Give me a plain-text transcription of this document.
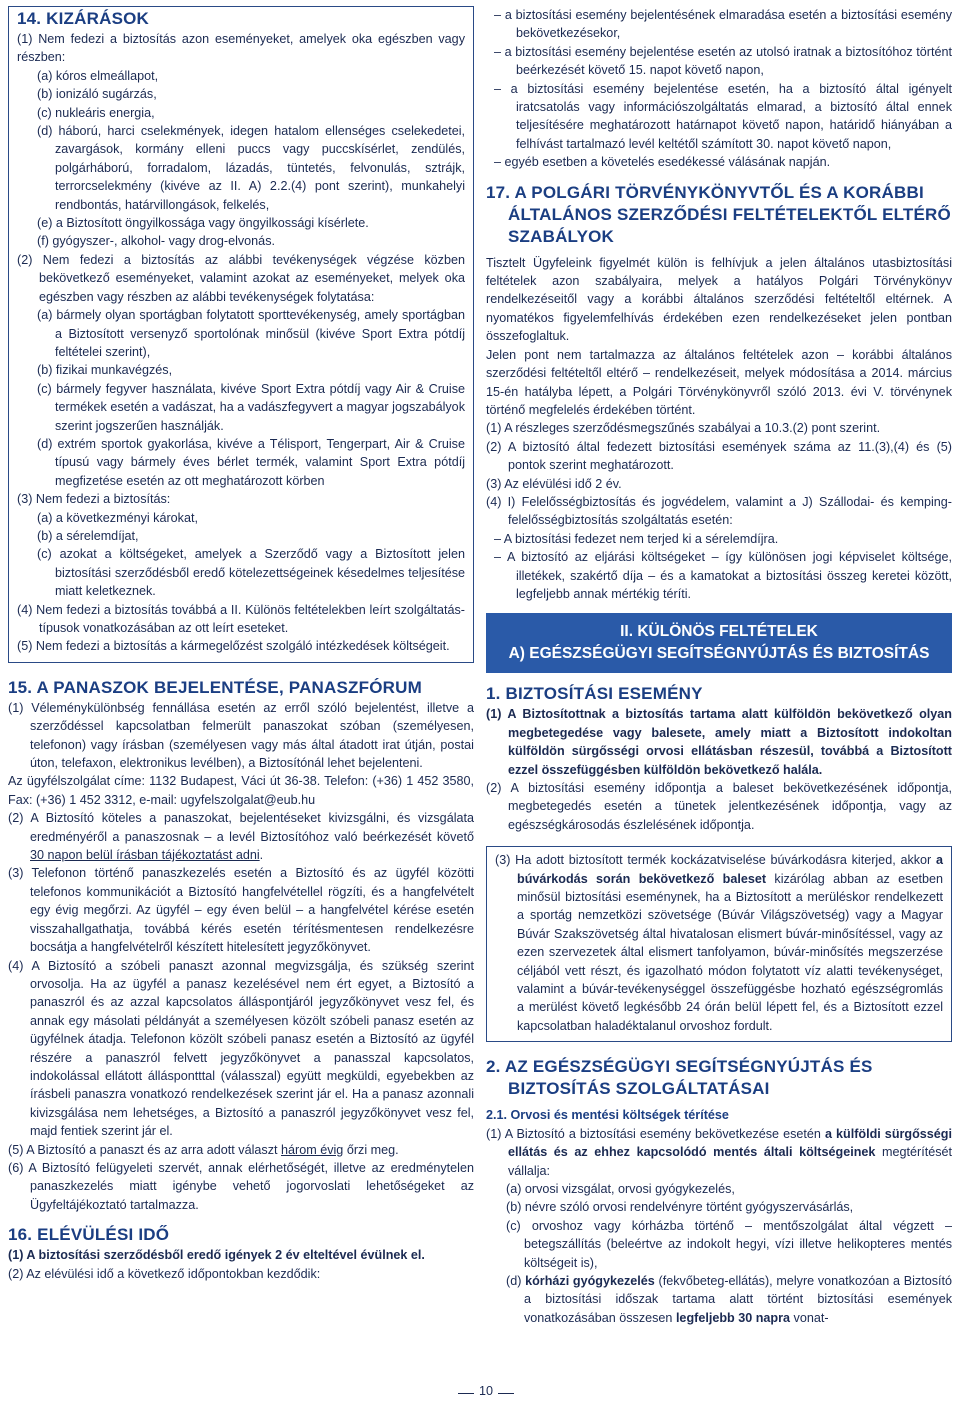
14. KIZÁRÁSOK

(1) Nem fedezi a biztosítás azon eseményeket, amelyek oka egészben vagy részben:

(a) kóros elmeállapot,

(b) ionizáló sugárzás,

(c) nukleáris energia,

(d) háború, harci cselekmények, idegen hatalom ellenséges cselekedetei, zavargások, kormány elleni puccs vagy puccskísérlet, zendülés, polgárháború, forradalom, lázadás, tüntetés, felvonulás, sztrájk, terrorcselekmény (kivéve az II. A) 2.2.(4) pont szerint), munkahelyi rendbontás, határvillongások, felkelés,

(e) a Biztosított öngyilkossága vagy öngyilkossági kísérlete.

(f) gyógyszer-, alkohol- vagy drog-elvonás.

(2) Nem fedezi a biztosítás az alábbi tevékenységek végzése közben bekövetkező eseményeket, valamint azokat az eseményeket, melyek oka egészben vagy részben az alábbi tevékenységek folytatása:

(a) bármely olyan sportágban folytatott sporttevékenység, amely sportágban a Biztosított versenyző sportolónak minősül (kivéve Sport Extra pótdíj feltételei szerint),

(b) fizikai munkavégzés,

(c) bármely fegyver használata, kivéve Sport Extra pótdíj vagy Air & Cruise termékek esetén a vadászat, ha a vadászfegyvert a magyar jogszabályok szerint jogszerűen használják.

(d) extrém sportok gyakorlása, kivéve a Télisport, Tengerpart, Air & Cruise típusú vagy bármely éves bérlet termék, valamint Sport Extra pótdíj megfizetése esetén az ott meghatározott körben

(3) Nem fedezi a biztosítás:

(a) a következményi károkat,

(b) a sérelemdíjat,

(c) azokat a költségeket, amelyek a Szerződő vagy a Biztosított jelen biztosítási szerződésből eredő kötelezettségeinek késedelmes teljesítése miatt keletkeznek.

(4) Nem fedezi a biztosítás továbbá a II. Különös feltételekben leírt szolgáltatás-típusok vonatkozásában az ott leírt eseteket.

(5) Nem fedezi a biztosítás a kármegelőzést szolgáló intézkedések költségeit.

15. A PANASZOK BEJELENTÉSE, PANASZFÓRUM

(1) Véleménykülönbség fennállása esetén az erről szóló bejelentést, illetve a szerződéssel kapcsolatban felmerült panaszokat szóban (személyesen, telefonon) vagy írásban (személyesen vagy más által átadott irat útján, postai úton, telefaxon, elektronikus levélben), a Biztosítónál lehet bejelenteni.

Az ügyfélszolgálat címe: 1132 Budapest, Váci út 36-38. Telefon: (+36) 1 452 3580, Fax: (+36) 1 452 3312, e-mail: ugyfelszolgalat@eub.hu

(2) A Biztosító köteles a panaszokat, bejelentéseket kivizsgálni, és vizsgálata eredményéről a panaszosnak – a levél Biztosítóhoz való beérkezését követő 30 napon belül írásban tájékoztatást adni.

(3) Telefonon történő panaszkezelés esetén a Biztosító és az ügyfél közötti telefonos kommunikációt a Biztosító hangfelvétellel rögzíti, és a hangfelvételt egy évig megőrzi. Az ügyfél – egy éven belül – a hangfelvétel kérése esetén visszahallgathatja, továbbá kérés esetén térítésmentesen rendelkezésre bocsátja a hangfelvételről készített hitelesített jegyzőkönyvet.

(4) A Biztosító a szóbeli panaszt azonnal megvizsgálja, és szükség szerint orvosolja. Ha az ügyfél a panasz kezelésével nem ért egyet, a Biztosító a panaszról és az azzal kapcsolatos álláspontjáról jegyzőkönyvet vesz fel, és annak egy másolati példányát a személyesen közölt szóbeli panasz esetén az ügyfélnek átadja. Telefonon közölt szóbeli panasz esetén a Biztosító az ügyfél részére a panaszról felvett jegyzőkönyvet a panasszal kapcsolatos, indokolással ellátott álláspontttal (válasszal) együtt megküldi, egyebekben az írásbeli panaszra vonatkozó rendelkezések szerint jár el. Ha a panasz azonnali kivizsgálása nem lehetséges, a Biztosító a panaszról jegyzőkönyvet vesz fel, majd fentiek szerint jár el.

(5) A Biztosító a panaszt és az arra adott választ három évig őrzi meg.

(6) A Biztosító felügyeleti szervét, annak elérhetőségét, illetve az eredménytelen panaszkezelés miatt igénybe vehető jogorvoslati lehetőségeket az Ügyfeltájékoztató tartalmazza.

16. ELÉVÜLÉSI IDŐ

(1) A biztosítási szerződésből eredő igények 2 év elteltével évülnek el.

(2) Az elévülési idő a következő időpontokban kezdődik:

– a biztosítási esemény bejelentésének elmaradása esetén a biztosítási esemény bekövetkezésekor,

– a biztosítási esemény bejelentése esetén az utolsó iratnak a biztosítóhoz történt beérkezését követő 15. napot követő napon,

– a biztosítási esemény bejelentése esetén, ha a biztosító által igényelt iratcsatolás vagy információszolgáltatás elmarad, a biztosító által ennek teljesítésére meghatározott határnapot követő napon, határidő hiányában a felhívást tartalmazó levél keltétől számított 30. napot követő napon,

– egyéb esetben a követelés esedékessé válásának napján.

17. A POLGÁRI TÖRVÉNYKÖNYVTŐL ÉS A KORÁBBI ÁLTALÁNOS SZERZŐDÉSI FELTÉTELEKTŐL ELTÉRŐ SZABÁLYOK

Tisztelt Ügyfeleink figyelmét külön is felhívjuk a jelen általános utasbiztosítási feltételek azon szabályaira, melyek a hatályos Polgári Törvénykönyv rendelkezéseitől vagy a korábbi általános szerződési feltételtől eltérnek. A nyomatékos figyelemfelhívás érdekében ezen rendelkezéseket jelen pontban összefoglaltuk.

Jelen pont nem tartalmazza az általános feltételek azon – korábbi általános szerződési feltételtől eltérő – rendelkezéseit, melyek módosítása a 2014. március 15-én hatályba lépett, a Polgári Törvénykönyvről szóló 2013. évi V. törvénynek történő megfelelés érdekében történt.

(1) A részleges szerződésmegszűnés szabályai a 10.3.(2) pont szerint.

(2) A biztosító által fedezett biztosítási események száma az 11.(3),(4) és (5) pontok szerint meghatározott.

(3) Az elévülési idő 2 év.

(4) I) Felelősségbiztosítás és jogvédelem, valamint a J) Szállodai- és kemping- felelősségbiztosítás szolgáltatás esetén:

– A biztosítási fedezet nem terjed ki a sérelemdíjra.

– A biztosító az eljárási költségeket – így különösen jogi képviselet költsége, illetékek, szakértő díja – és a kamatokat a biztosítási összeg keretei között, legfeljebb annak mértékig téríti.

II. KÜLÖNÖS FELTÉTELEK
A) EGÉSZSÉGÜGYI SEGÍTSÉGNYÚJTÁS ÉS BIZTOSÍTÁS
1. BIZTOSÍTÁSI ESEMÉNY

(1) A Biztosítottnak a biztosítás tartama alatt külföldön bekövetkező olyan megbetegedése vagy balesete, amely miatt a Biztosított indokoltan külföldön sürgősségi orvosi ellátásban részesül, továbbá a Biztosított ezzel összefüggésben külföldön bekövetkező halála.

(2) A biztosítási esemény időpontja a baleset bekövetkezésének időpontja, megbetegedés esetén a tünetek jelentkezésének időpontja, vagy az egészségkárosodás észlelésének időpontja.

(3) Ha adott biztosított termék kockázatviselése búvárkodásra kiterjed, akkor a búvárkodás során bekövetkező baleset kizárólag abban az esetben minősül biztosítási eseménynek, ha a Biztosított a merüléskor rendelkezett a sportág nemzetközi szövetsége (Búvár Világszövetség) vagy a Magyar Búvár Szakszövetség által hivatalosan elismert búvár-minősítéssel, vagy az ezen szervezetek által elismert tanfolyamon, búvár-minősítés megszerzése céljából vett részt, és igazolható módon folytatott víz alatti tevékenységet, valamint a búvár-tevékenységgel összefüggésbe hozható egészségromlás a merülést követő legkésőbb 24 órán belül lépett fel, és a Biztosított ezzel kapcsolatban haladéktalanul orvoshoz fordult.

2. AZ EGÉSZSÉGÜGYI SEGÍTSÉGNYÚJTÁS ÉS BIZTOSÍTÁS SZOLGÁLTATÁSAI

2.1. Orvosi és mentési költségek térítése

(1) A Biztosító a biztosítási esemény bekövetkezése esetén a külföldi sürgősségi ellátás és az ehhez kapcsolódó mentés általi költségeinek megtérítését vállalja:

(a) orvosi vizsgálat, orvosi gyógykezelés,

(b) névre szóló orvosi rendelvényre történt gyógyszervásárlás,

(c) orvoshoz vagy kórházba történő – mentőszolgálat által végzett – betegszállítás (beleértve az indokolt hegyi, vízi illetve helikopteres mentés költségeit is),

(d) kórházi gyógykezelés (fekvőbeteg-ellátás), melyre vonatkozóan a Biztosító a biztosítási időszak tartama alatt történt biztosítási események vonatkozásában összesen legfeljebb 30 napra vonat-

10
